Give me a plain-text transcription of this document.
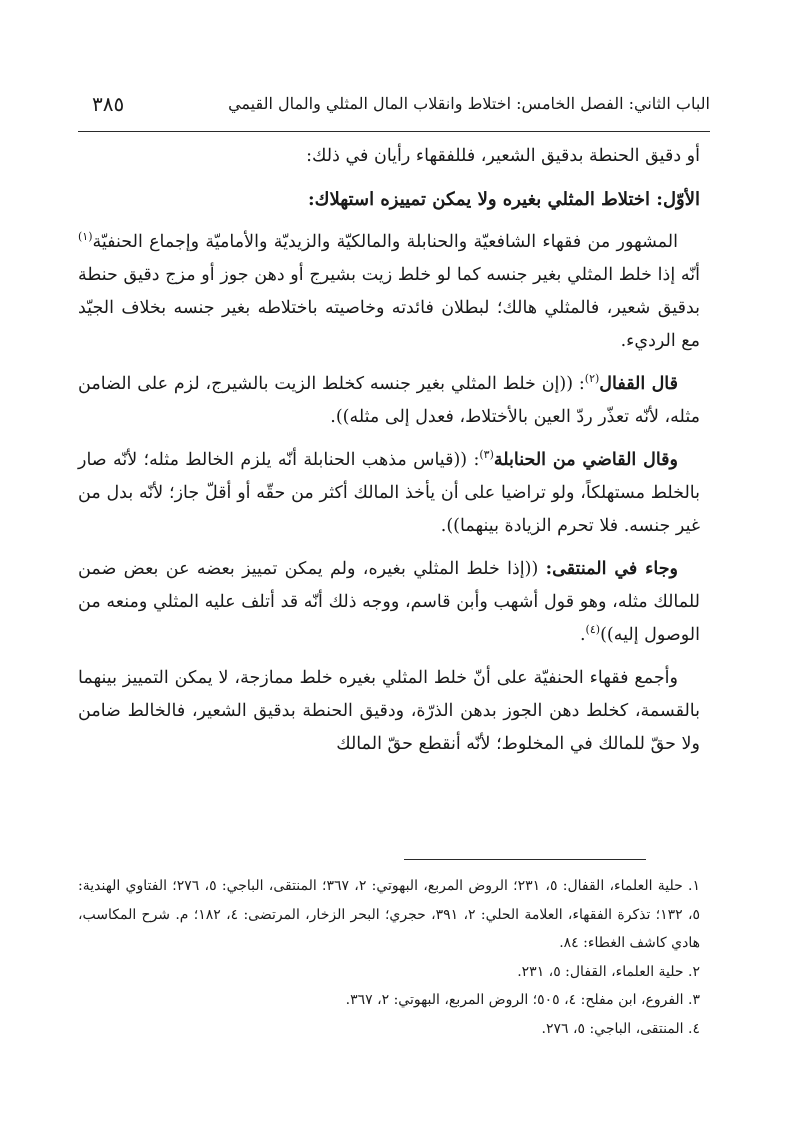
الباب الثاني: الفصل الخامس: اختلاط وانقلاب المال المثلي والمال القيمي
٣٨٥

أو دقيق الحنطة بدقيق الشعير، فللفقهاء رأيان في ذلك:

الأوّل: اختلاط المثلي بغيره ولا يمكن تمييزه استهلاك:

المشهور من فقهاء الشافعيّة والحنابلة والمالكيّة والزيديّة والأماميّة وإجماع الحنفيّة$^{(١)}$ أنّه إذا خلط المثلي بغير جنسه كما لو خلط زيت بشيرج أو دهن جوز أو مزج دقيق حنطة بدقيق شعير، فالمثلي هالك؛ لبطلان فائدته وخاصيته باختلاطه بغير جنسه بخلاف الجيّد مع الرديء.

قال القفال$^{(٢)}$: ((إن خلط المثلي بغير جنسه كخلط الزيت بالشيرج، لزم على الضامن مثله، لأنّه تعذّر ردّ العين بالأختلاط، فعدل إلى مثله)).

وقال القاضي من الحنابلة$^{(٣)}$: ((قياس مذهب الحنابلة أنّه يلزم الخالط مثله؛ لأنّه صار بالخلط مستهلكاً، ولو تراضيا على أن يأخذ المالك أكثر من حقّه أو أقلّ جاز؛ لأنّه بدل من غير جنسه. فلا تحرم الزيادة بينهما)).

وجاء في المنتقى: ((إذا خلط المثلي بغيره، ولم يمكن تمييز بعضه عن بعض ضمن للمالك مثله، وهو قول أشهب وأبن قاسم، ووجه ذلك أنّه قد أتلف عليه المثلي ومنعه من الوصول إليه))$^{(٤)}$.

وأجمع فقهاء الحنفيّة على أنّ خلط المثلي بغيره خلط ممازجة، لا يمكن التمييز بينهما بالقسمة، كخلط دهن الجوز بدهن الذرّة، ودقيق الحنطة بدقيق الشعير، فالخالط ضامن ولا حقّ للمالك في المخلوط؛ لأنّه أنقطع حقّ المالك

١. حلية العلماء، القفال: ٥، ٢٣١؛ الروض المربع، البهوتي: ٢، ٣٦٧؛ المنتقى، الباجي: ٥، ٢٧٦؛ الفتاوي الهندية: ٥، ١٣٢؛ تذكرة الفقهاء، العلامة الحلي: ٢، ٣٩١، حجري؛ البحر الزخار، المرتضى: ٤، ١٨٢؛ م. شرح المكاسب، هادي كاشف الغطاء: ٨٤.

٢. حلية العلماء، القفال: ٥، ٢٣١.

٣. الفروع، ابن مفلح: ٤، ٥٠٥؛ الروض المربع، البهوتي: ٢، ٣٦٧.

٤. المنتقى، الباجي: ٥، ٢٧٦.
